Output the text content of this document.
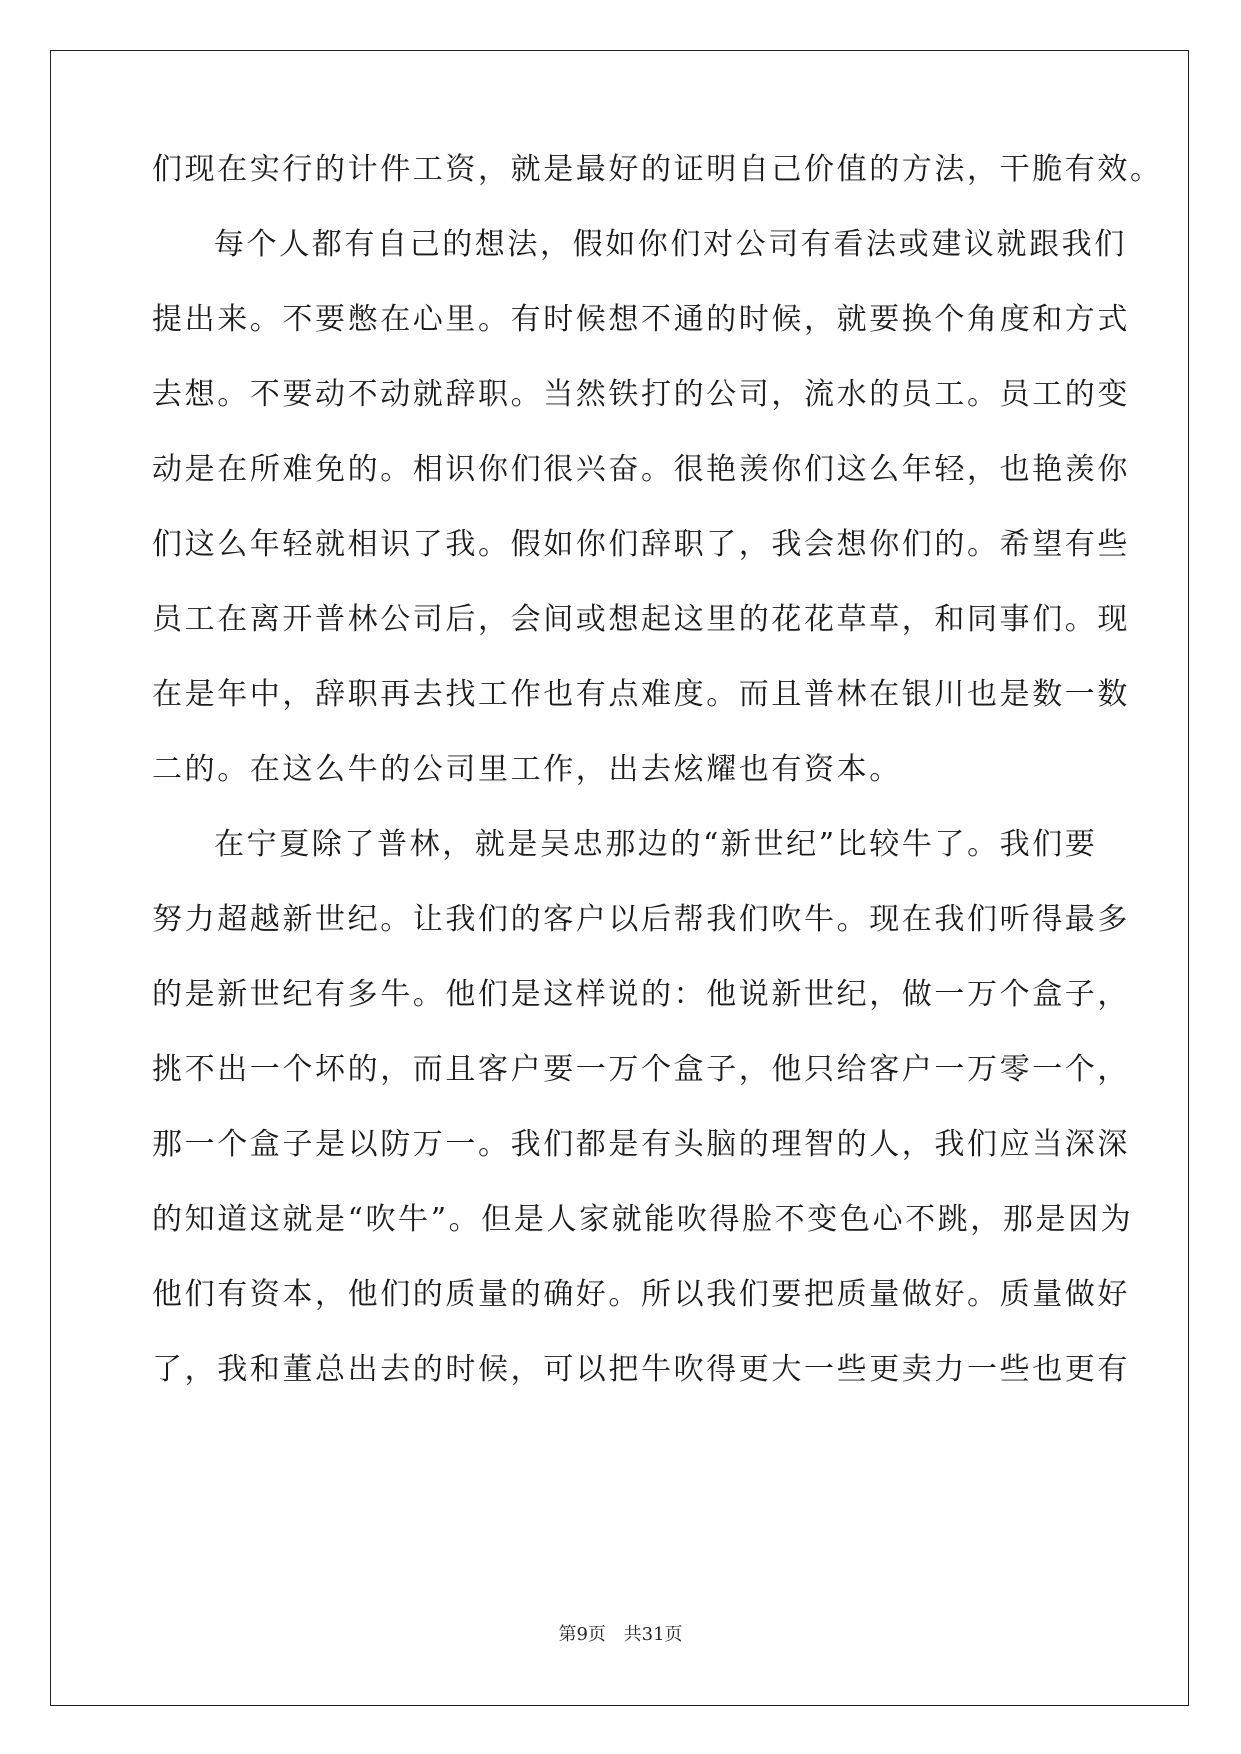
们现在实行的计件工资，就是最好的证明自己价值的方法，干脆有效。
每个人都有自己的想法，假如你们对公司有看法或建议就跟我们
提出来。不要憋在心里。有时候想不通的时候，就要换个角度和方式
去想。不要动不动就辞职。当然铁打的公司，流水的员工。员工的变
动是在所难免的。相识你们很兴奋。很艳羡你们这么年轻，也艳羡你
们这么年轻就相识了我。假如你们辞职了，我会想你们的。希望有些
员工在离开普林公司后，会间或想起这里的花花草草，和同事们。现
在是年中，辞职再去找工作也有点难度。而且普林在银川也是数一数
二的。在这么牛的公司里工作，出去炫耀也有资本。
在宁夏除了普林，就是吴忠那边的“新世纪”比较牛了。我们要
努力超越新世纪。让我们的客户以后帮我们吹牛。现在我们听得最多
的是新世纪有多牛。他们是这样说的：他说新世纪，做一万个盒子，
挑不出一个坏的，而且客户要一万个盒子，他只给客户一万零一个，
那一个盒子是以防万一。我们都是有头脑的理智的人，我们应当深深
的知道这就是“吹牛”。但是人家就能吹得脸不变色心不跳，那是因为
他们有资本，他们的质量的确好。所以我们要把质量做好。质量做好
了，我和董总出去的时候，可以把牛吹得更大一些更卖力一些也更有
第9页 共31页
